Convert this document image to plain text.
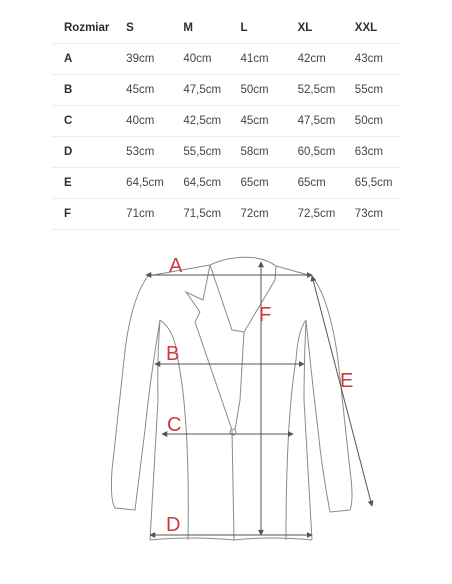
Rozmiar	S	M	L	XL	XXL
A	39cm	40cm	41cm	42cm	43cm
B	45cm	47,5cm	50cm	52,5cm	55cm
C	40cm	42,5cm	45cm	47,5cm	50cm
D	53cm	55,5cm	58cm	60,5cm	63cm
E	64,5cm	64,5cm	65cm	65cm	65,5cm
F	71cm	71,5cm	72cm	72,5cm	73cm
A
B
C
D
E
F
